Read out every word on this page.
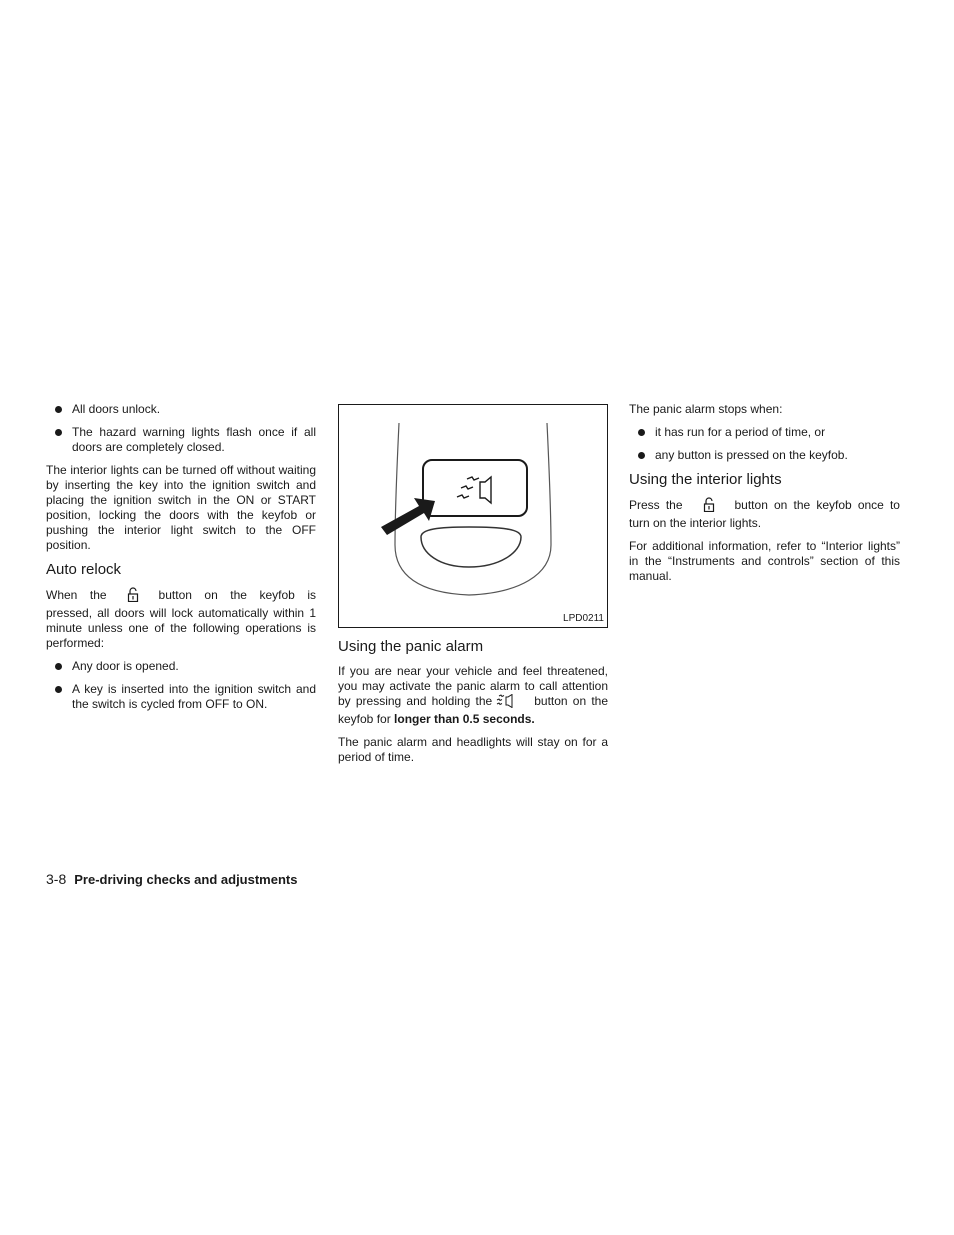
All doors unlock.
The hazard warning lights flash once if all doors are completely closed.

The interior lights can be turned off without waiting by inserting the key into the ignition switch and placing the ignition switch in the ON or START position, locking the doors with the keyfob or pushing the interior light switch to the OFF position.

Auto relock

When the	button on the keyfob is pressed, all doors will lock automatically within 1 minute unless one of the following operations is performed:

Any door is opened.
A key is inserted into the ignition switch and the switch is cycled from OFF to ON.
LPD0211
Using the panic alarm

If you are near your vehicle and feel threatened, you may activate the panic alarm to call attention by pressing and holding the	button on the keyfob for longer than 0.5 seconds.

The panic alarm and headlights will stay on for a period of time.

The panic alarm stops when:

it has run for a period of time, or
any button is pressed on the keyfob.
Using the interior lights

Press the	button on the keyfob once to turn on the interior lights.

For additional information, refer to “Interior lights” in the “Instruments and controls” section of this manual.

3-8 Pre-driving checks and adjustments
